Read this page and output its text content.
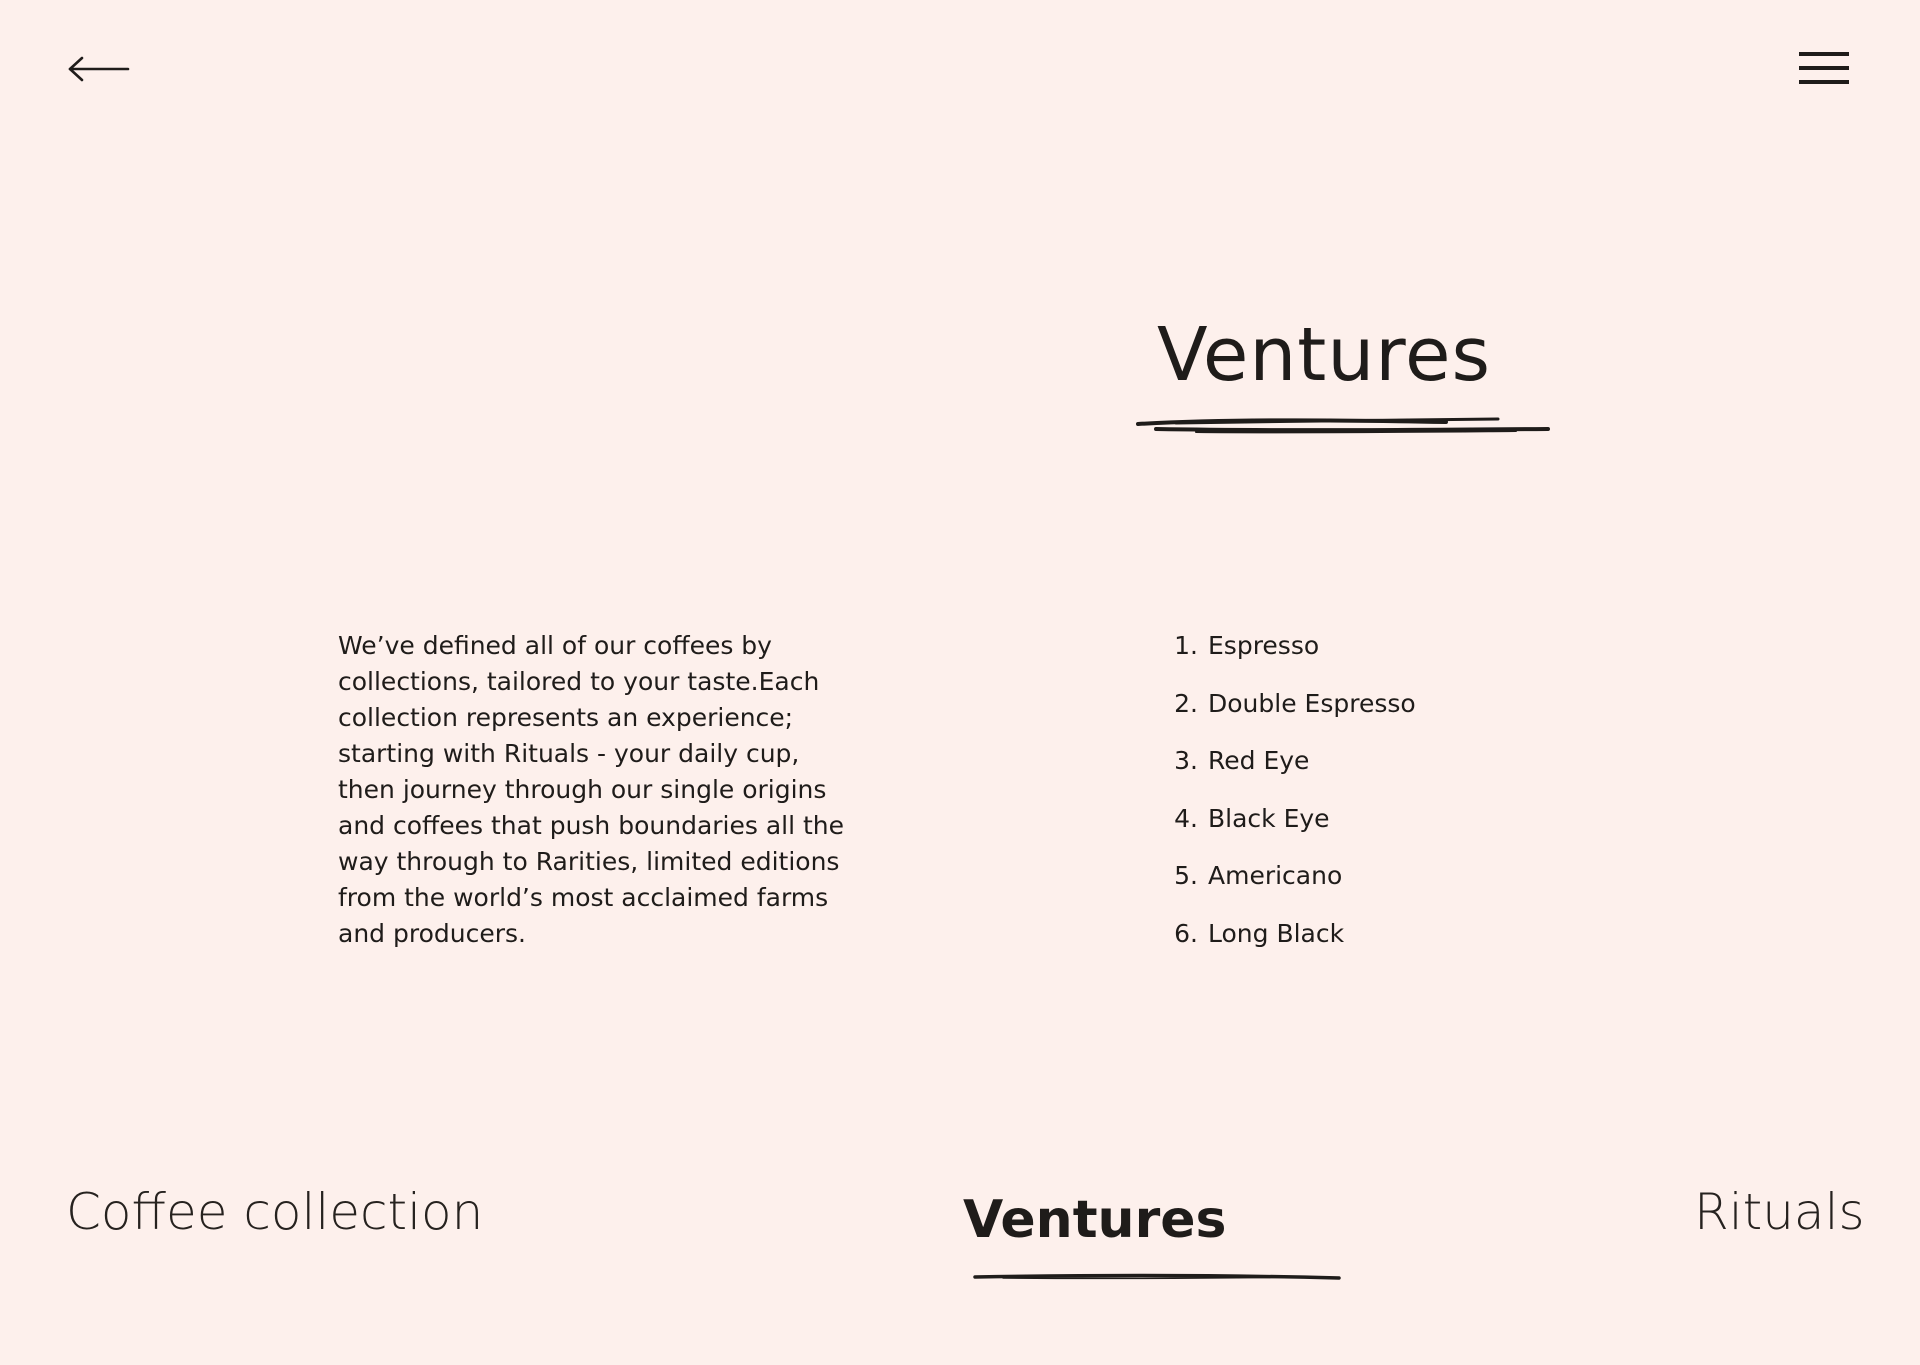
Ventures

We’ve defined all of our coffees by collections, tailored to your taste.Each collection represents an experience; starting with Rituals - your daily cup, then journey through our single origins and coffees that push boundaries all the way through to Rarities, limited editions from the world’s most acclaimed farms and producers.

1. Espresso
2. Double Espresso
3. Red Eye
4. Black Eye
5. Americano
6. Long Black
Coffee collection	Ventures	Rituals
